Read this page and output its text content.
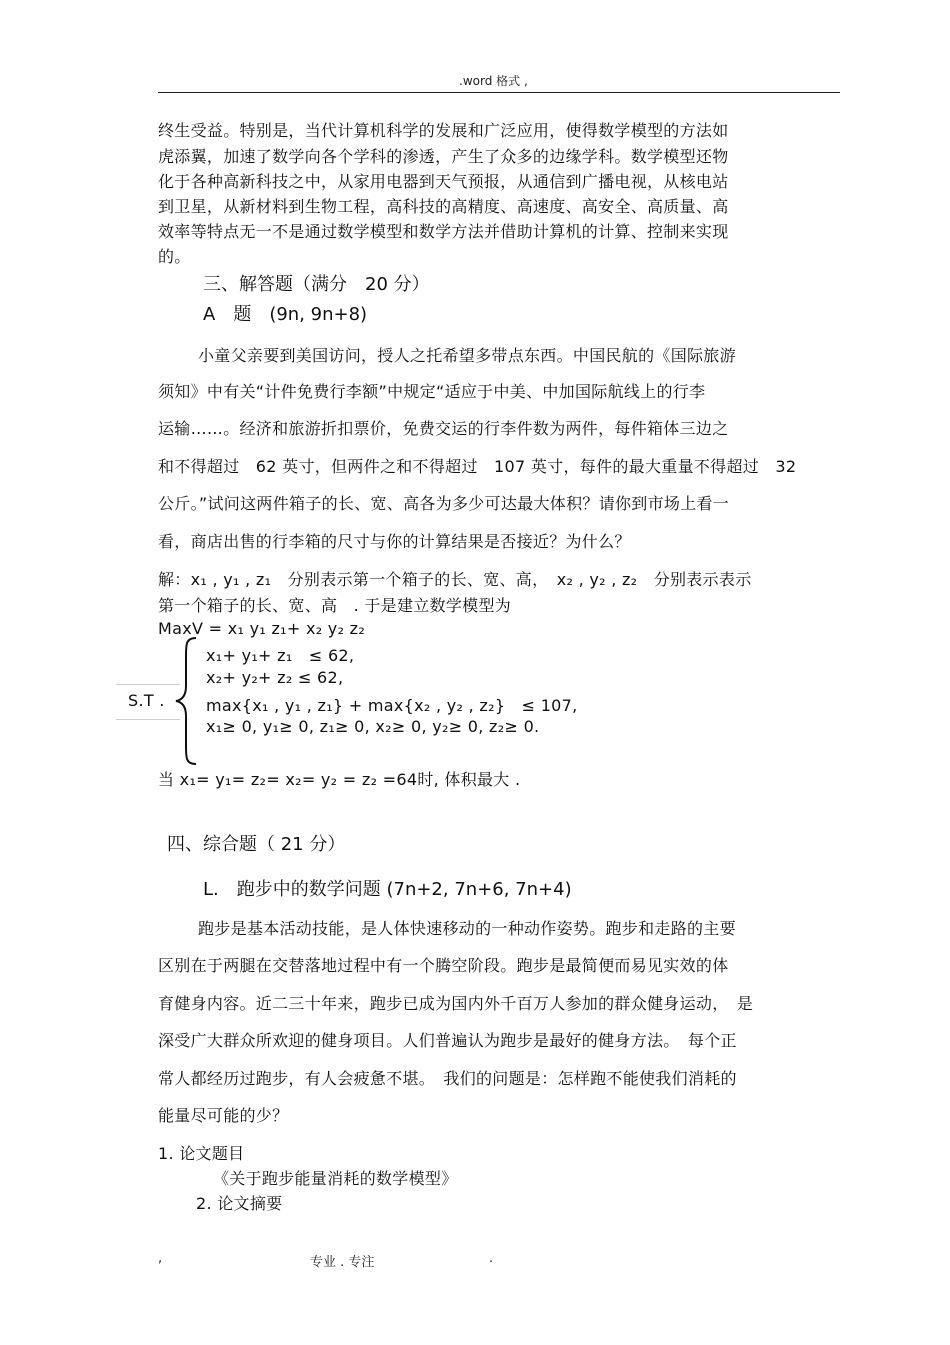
.word 格式 ,
终生受益。特别是，当代计算机科学的发展和广泛应用，使得数学模型的方法如
虎添翼，加速了数学向各个学科的渗透，产生了众多的边缘学科。数学模型还物
化于各种高新科技之中，从家用电器到天气预报，从通信到广播电视，从核电站
到卫星，从新材料到生物工程，高科技的高精度、高速度、高安全、高质量、高
效率等特点无一不是通过数学模型和数学方法并借助计算机的计算、控制来实现
的。
三、解答题（满分　20 分）
A　题　(9n, 9n+8)
小童父亲要到美国访问，授人之托希望多带点东西。中国民航的《国际旅游
须知》中有关“计件免费行李额”中规定“适应于中美、中加国际航线上的行李
运输……。经济和旅游折扣票价，免费交运的行李件数为两件，每件箱体三边之
和不得超过　62 英寸，但两件之和不得超过　107 英寸，每件的最大重量不得超过　32
公斤。”试问这两件箱子的长、宽、高各为多少可达最大体积？请你到市场上看一
看，商店出售的行李箱的尺寸与你的计算结果是否接近？为什么？
解：x₁ , y₁ , z₁　分别表示第一个箱子的长、宽、高，　x₂ , y₂ , z₂　分别表示表示
第一个箱子的长、宽、高　. 于是建立数学模型为
MaxV = x₁ y₁ z₁+ x₂ y₂ z₂
S.T .
x₁+ y₁+ z₁　≤ 62,
x₂+ y₂+ z₂ ≤ 62,
max{x₁ , y₁ , z₁} + max{x₂ , y₂ , z₂}　≤ 107,
x₁≥ 0, y₁≥ 0, z₁≥ 0, x₂≥ 0, y₂≥ 0, z₂≥ 0.
当 x₁= y₁= z₂= x₂= y₂ = z₂ =64时, 体积最大 .
四、综合题（ 21 分）
L.　跑步中的数学问题 (7n+2, 7n+6, 7n+4)
跑步是基本活动技能，是人体快速移动的一种动作姿势。跑步和走路的主要
区别在于两腿在交替落地过程中有一个腾空阶段。跑步是最简便而易见实效的体
育健身内容。近二三十年来，跑步已成为国内外千百万人参加的群众健身运动，　是
深受广大群众所欢迎的健身项目。人们普遍认为跑步是最好的健身方法。　每个正
常人都经历过跑步，有人会疲惫不堪。　我们的问题是：怎样跑不能使我们消耗的
能量尽可能的少？
1. 论文题目
《关于跑步能量消耗的数学模型》
2. 论文摘要
,	专业 . 专注	.
